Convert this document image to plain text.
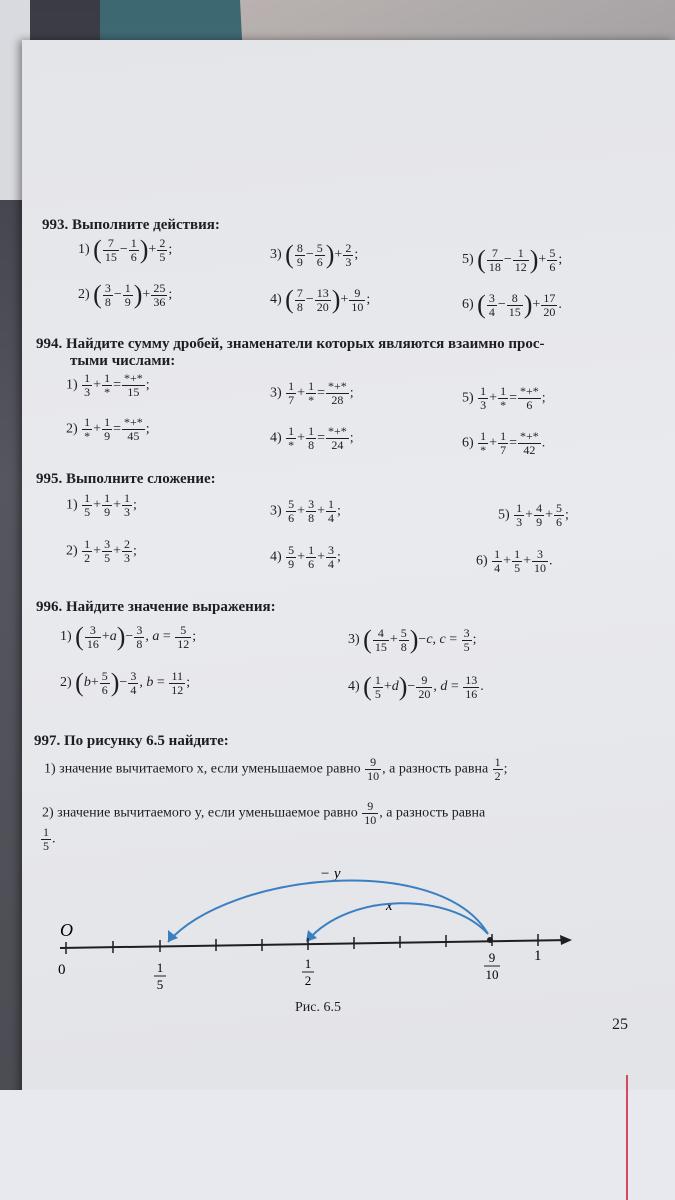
993. Выполните действия:
1) ( $\frac{7}{15} - \frac{1}{6}$ )+ $\frac{2}{5}$ ;
2) ( $\frac{3}{8} - \frac{1}{9}$ )+ $\frac{25}{36}$ ;
3) ( $\frac{8}{9} - \frac{5}{6}$ )+ $\frac{2}{3}$ ;
4) ( $\frac{7}{8} - \frac{13}{20}$ )+ $\frac{9}{10}$ ;
5) ( $\frac{7}{18} - \frac{1}{12}$ )+ $\frac{5}{6}$ ;
6) ( $\frac{3}{4} - \frac{8}{15}$ )+ $\frac{17}{20}$ .
994. Найдите сумму дробей, знаменатели которых являются взаимно прос-
тыми числами:
$1) \frac{1}{3} + \frac{1}{*} = \frac{*+*}{15}$ ;
$2) \frac{1}{*} + \frac{1}{9} = \frac{*+*}{45}$ ;
$3) \frac{1}{7} + \frac{1}{*} = \frac{*+*}{28}$ ;
$4) \frac{1}{*} + \frac{1}{8} = \frac{*+*}{24}$ ;
$5) \frac{1}{3} + \frac{1}{*} = \frac{*+*}{6}$ ;
$6) \frac{1}{*} + \frac{1}{7} = \frac{*+*}{42}$ .
995. Выполните сложение:
$1) \frac{1}{5} + \frac{1}{9} + \frac{1}{3}$ ;
$2) \frac{1}{2} + \frac{3}{5} + \frac{2}{3}$ ;
$3) \frac{5}{6} + \frac{3}{8} + \frac{1}{4}$ ;
$4) \frac{5}{9} + \frac{1}{6} + \frac{3}{4}$ ;
$5) \frac{1}{3} + \frac{4}{9} + \frac{5}{6}$ ;
$6) \frac{1}{4} + \frac{1}{5} + \frac{3}{10}$ .
996. Найдите значение выражения:
1) ( $\frac{3}{16} +a)- \frac{3}{8}$ , $a = \frac{5}{12}$ ;
2) ($b+ \frac{5}{6}$ )− $\frac{3}{4}$ , $b = \frac{11}{12}$ ;
3) ( $\frac{4}{15} + \frac{5}{8} )-c$, $c = \frac{3}{5}$ ;
4) ( $\frac{1}{5} +d)- \frac{9}{20}$ , $d = \frac{13}{16}$ .
997. По рисунку 6.5 найдите:
1) значение вычитаемого x, если уменьшаемое равно $\frac{9}{10}$ , а разность равна $\frac{1}{2}$ ;
2) значение вычитаемого y, если уменьшаемое равно $\frac{9}{10}$ , а разность равна
$\frac{1}{5}$ .
− y
− x
O
0
1
1
5
1
2
9
10
Рис. 6.5
25
